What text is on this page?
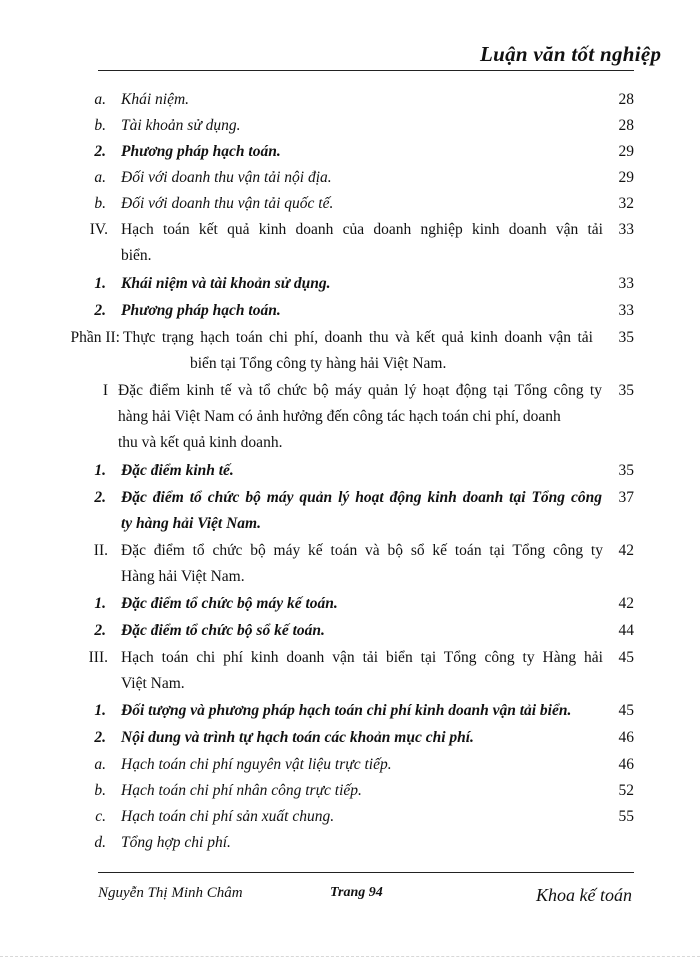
Luận văn tốt nghiệp
a. Khái niệm.	28
b. Tài khoản sử dụng.	28
2. Phương pháp hạch toán.	29
a. Đối với doanh thu vận tải nội địa.	29
b. Đối với doanh thu vận tải quốc tế.	32
IV. Hạch toán kết quả kinh doanh của doanh nghiệp kinh doanh vận tải	33
biển.
1. Khái niệm và tài khoản sử dụng.	33
2. Phương pháp hạch toán.	33
Phần II: Thực trạng hạch toán chi phí, doanh thu và kết quả kinh doanh vận tải	35
biển tại Tổng công ty hàng hải Việt Nam.
I Đặc điểm kinh tế và tổ chức bộ máy quản lý hoạt động tại Tổng công ty	35
hàng hải Việt Nam có ảnh hưởng đến công tác hạch toán chi phí, doanh
thu và kết quả kinh doanh.
1. Đặc điểm kinh tế.	35
2. Đặc điểm tổ chức bộ máy quản lý hoạt động kinh doanh tại Tổng công	37
ty hàng hải Việt Nam.
II. Đặc điểm tổ chức bộ máy kế toán và bộ sổ kế toán tại Tổng công ty	42
Hàng hải Việt Nam.
1. Đặc điểm tổ chức bộ máy kế toán.	42
2. Đặc điểm tổ chức bộ sổ kế toán.	44
III. Hạch toán chi phí kinh doanh vận tải biển tại Tổng công ty Hàng hải	45
Việt Nam.
1. Đối tượng và phương pháp hạch toán chi phí kinh doanh vận tải biển.	45
2. Nội dung và trình tự hạch toán các khoản mục chi phí.	46
a. Hạch toán chi phí nguyên vật liệu trực tiếp.	46
b. Hạch toán chi phí nhân công trực tiếp.	52
c. Hạch toán chi phí sản xuất chung.	55
d. Tổng hợp chi phí.
Nguyễn Thị Minh Châm	Trang 94	Khoa kế toán
